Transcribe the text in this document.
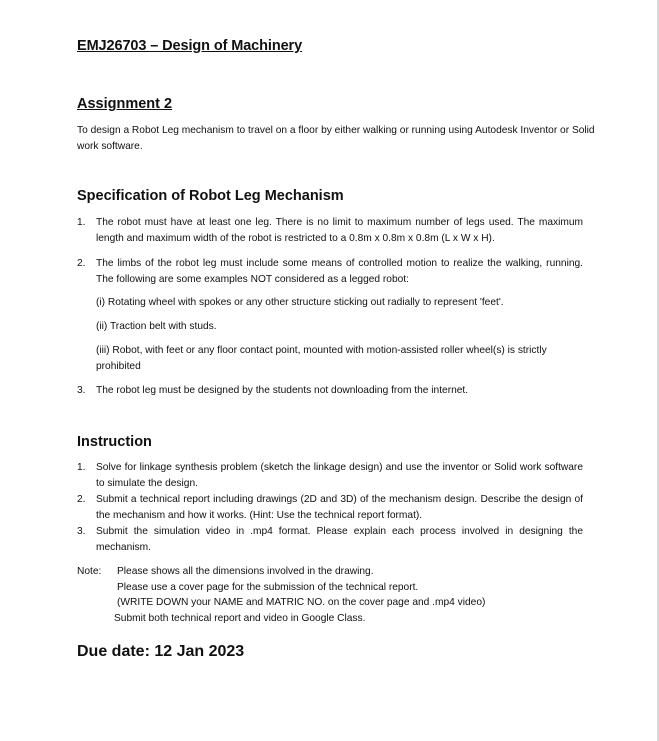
EMJ26703 – Design of Machinery
Assignment 2
To design a Robot Leg mechanism to travel on a floor by either walking or running using Autodesk Inventor or Solid work software.
Specification of Robot Leg Mechanism
1. The robot must have at least one leg. There is no limit to maximum number of legs used. The maximum length and maximum width of the robot is restricted to a 0.8m x 0.8m x 0.8m (L x W x H).
2. The limbs of the robot leg must include some means of controlled motion to realize the walking, running. The following are some examples NOT considered as a legged robot:
(i) Rotating wheel with spokes or any other structure sticking out radially to represent 'feet'.
(ii) Traction belt with studs.
(iii) Robot, with feet or any floor contact point, mounted with motion-assisted roller wheel(s) is strictly prohibited
3. The robot leg must be designed by the students not downloading from the internet.
Instruction
1. Solve for linkage synthesis problem (sketch the linkage design) and use the inventor or Solid work software to simulate the design.
2. Submit a technical report including drawings (2D and 3D) of the mechanism design. Describe the design of the mechanism and how it works. (Hint: Use the technical report format).
3. Submit the simulation video in .mp4 format. Please explain each process involved in designing the mechanism.
Note: Please shows all the dimensions involved in the drawing.
Please use a cover page for the submission of the technical report.
(WRITE DOWN your NAME and MATRIC NO. on the cover page and .mp4 video)
Submit both technical report and video in Google Class.
Due date: 12 Jan 2023
